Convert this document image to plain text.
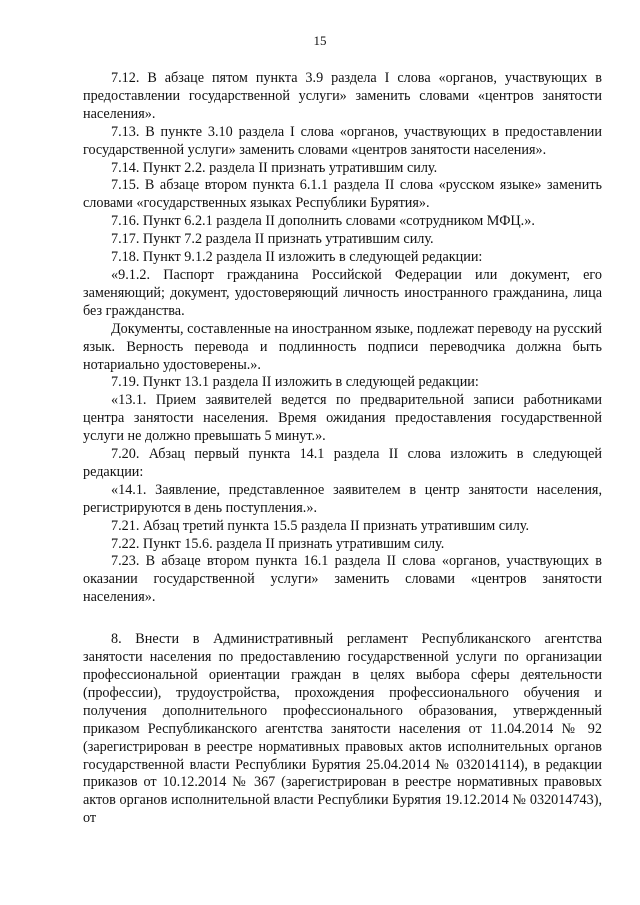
15

7.12. В абзаце пятом пункта 3.9 раздела I слова «органов, участвующих в предоставлении государственной услуги» заменить словами «центров занятости населения».

7.13. В пункте 3.10 раздела I слова «органов, участвующих в предоставлении государственной услуги» заменить словами «центров занятости населения».

7.14. Пункт 2.2. раздела II признать утратившим силу.

7.15. В абзаце втором пункта 6.1.1 раздела II слова «русском языке» заменить словами «государственных языках Республики Бурятия».

7.16. Пункт 6.2.1 раздела II дополнить словами «сотрудником МФЦ.».

7.17. Пункт 7.2 раздела II признать утратившим силу.

7.18. Пункт 9.1.2 раздела II изложить в следующей редакции:

«9.1.2. Паспорт гражданина Российской Федерации или документ, его заменяющий; документ, удостоверяющий личность иностранного гражданина, лица без гражданства.

Документы, составленные на иностранном языке, подлежат переводу на русский язык. Верность перевода и подлинность подписи переводчика должна быть нотариально удостоверены.».

7.19. Пункт 13.1 раздела II изложить в следующей редакции:

«13.1. Прием заявителей ведется по предварительной записи работниками центра занятости населения. Время ожидания предоставления государственной услуги не должно превышать 5 минут.».

7.20. Абзац первый пункта 14.1 раздела II слова изложить в следующей редакции:

«14.1. Заявление, представленное заявителем в центр занятости населения, регистрируются в день поступления.».

7.21. Абзац третий пункта 15.5 раздела II признать утратившим силу.

7.22. Пункт 15.6. раздела II признать утратившим силу.

7.23. В абзаце втором пункта 16.1 раздела II слова «органов, участвующих в оказании государственной услуги» заменить словами «центров занятости населения».

8. Внести в Административный регламент Республиканского агентства занятости населения по предоставлению государственной услуги по организации профессиональной ориентации граждан в целях выбора сферы деятельности (профессии), трудоустройства, прохождения профессионального обучения и получения дополнительного профессионального образования, утвержденный приказом Республиканского агентства занятости населения от 11.04.2014 № 92 (зарегистрирован в реестре нормативных правовых актов исполнительных органов государственной власти Республики Бурятия 25.04.2014 № 032014114), в редакции приказов от 10.12.2014 № 367 (зарегистрирован в реестре нормативных правовых актов органов исполнительной власти Республики Бурятия 19.12.2014 № 032014743), от
